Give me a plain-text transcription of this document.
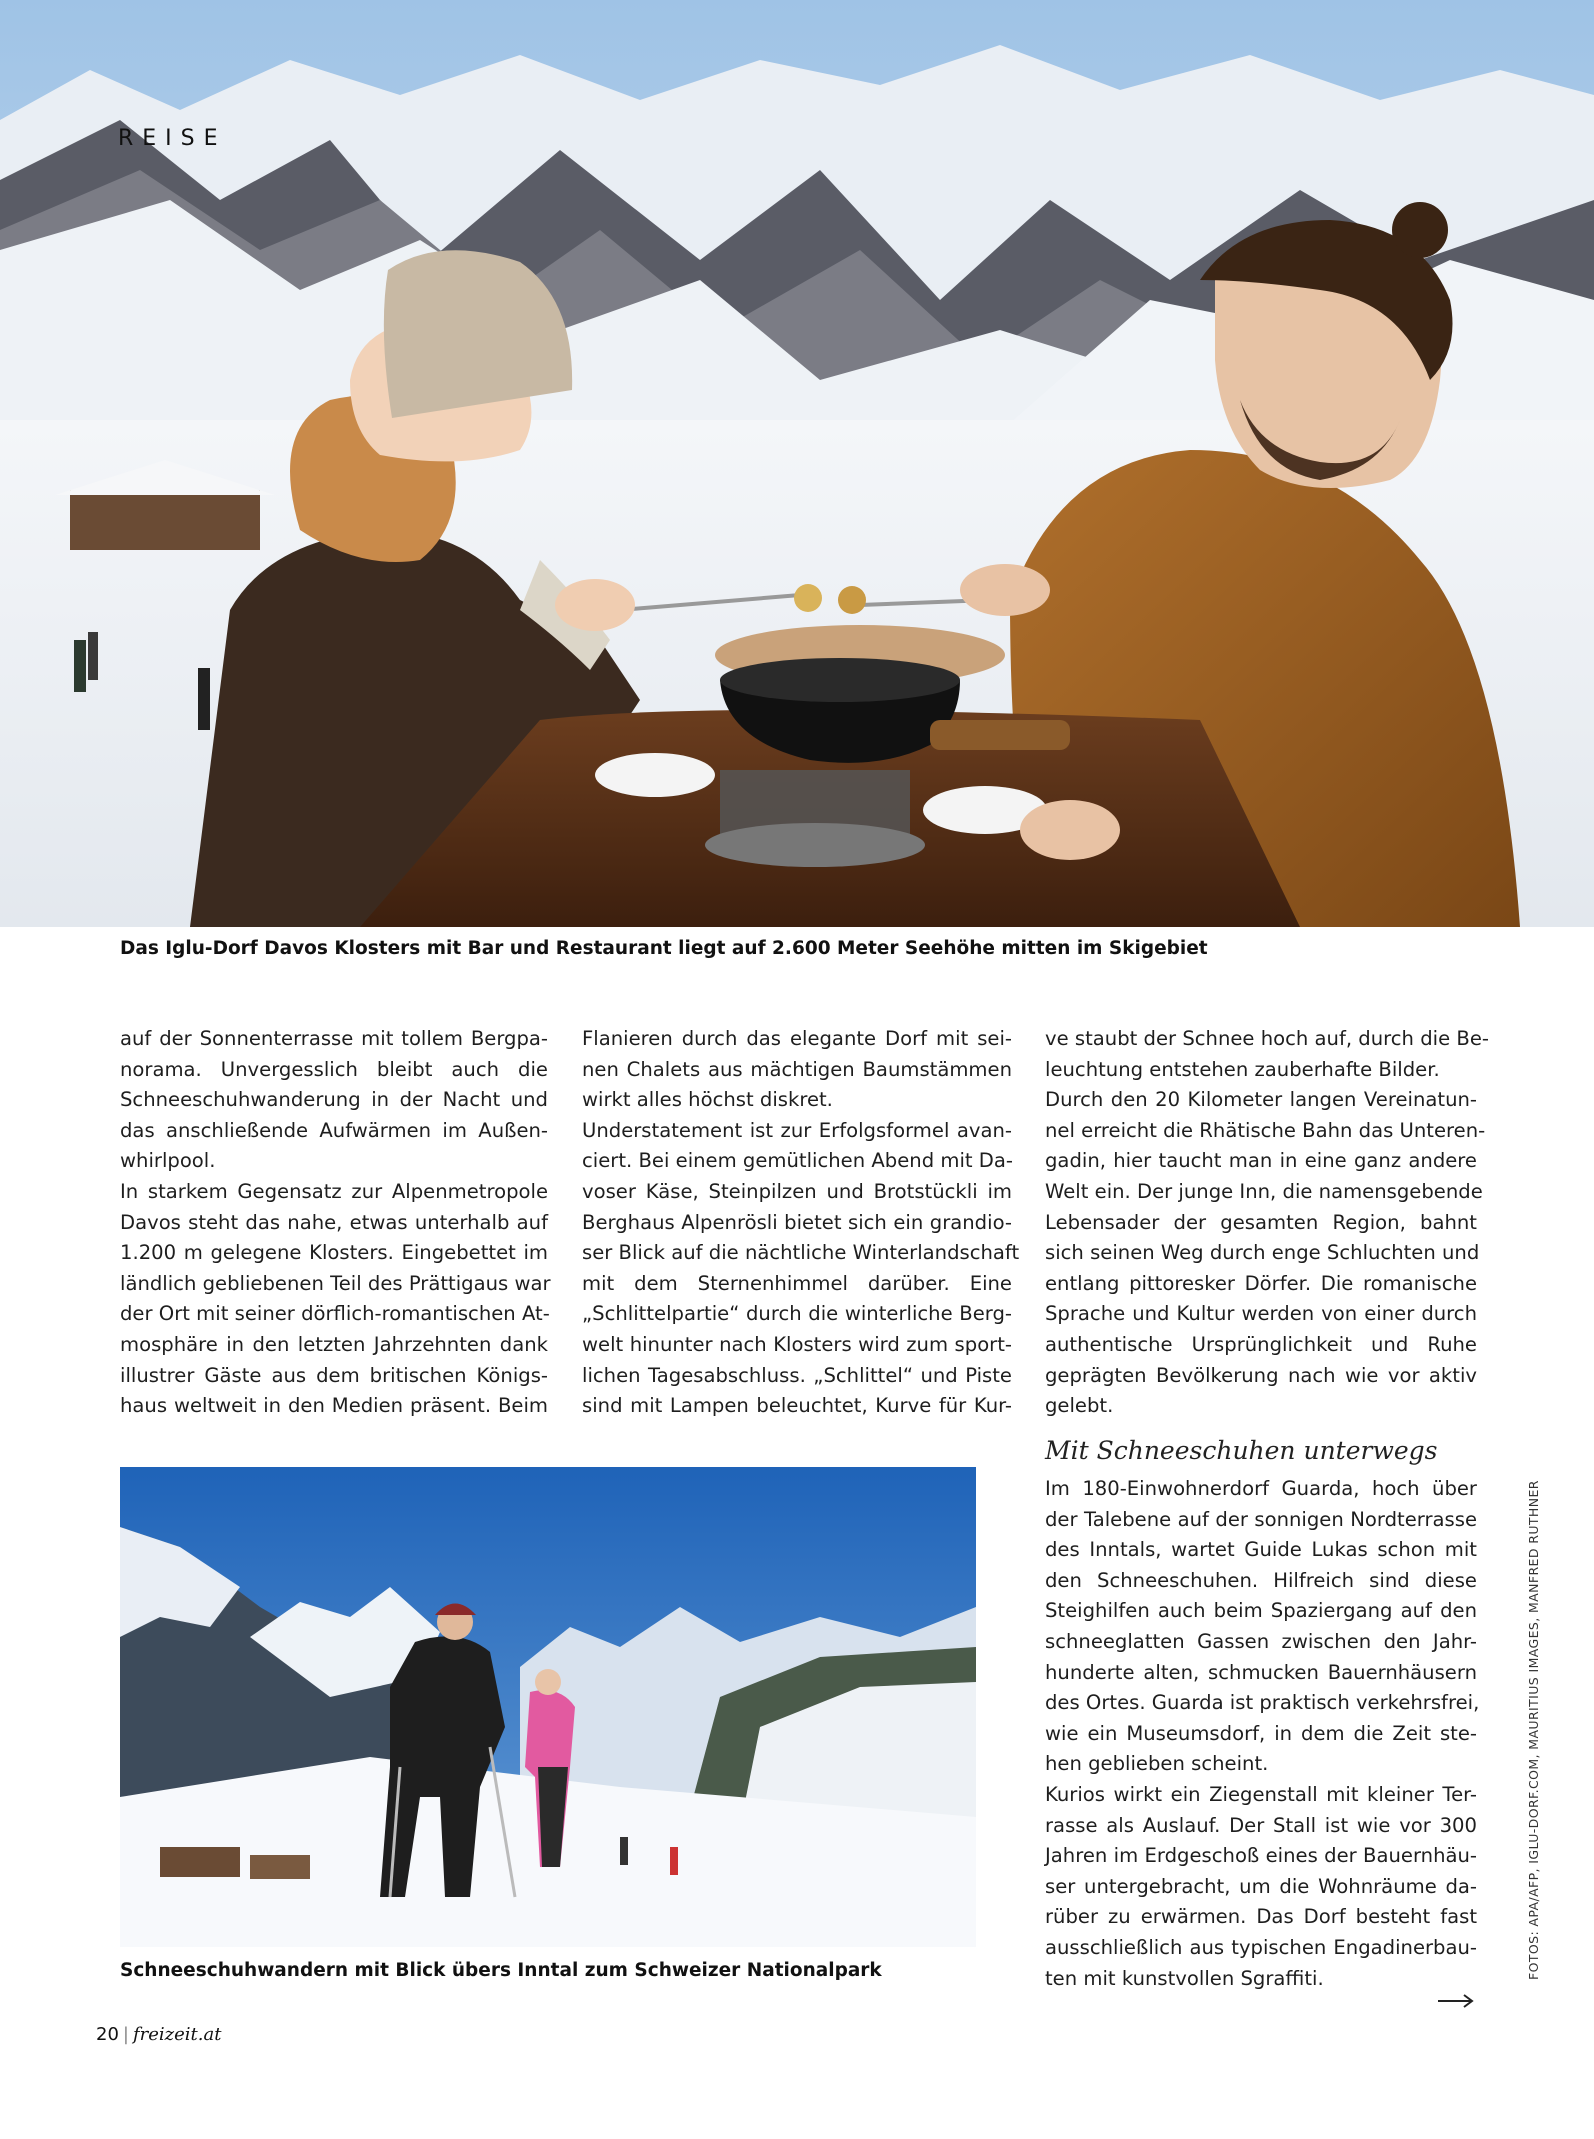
REISE
Das Iglu-Dorf Davos Klosters mit Bar und Restaurant liegt auf 2.600 Meter Seehöhe mitten im Skigebiet
auf der Sonnenterrasse mit tollem Bergpa-
norama. Unvergesslich bleibt auch die
Schneeschuhwanderung in der Nacht und
das anschließende Aufwärmen im Außen-
whirlpool.
In starkem Gegensatz zur Alpenmetropole
Davos steht das nahe, etwas unterhalb auf
1.200 m gelegene Klosters. Eingebettet im
ländlich gebliebenen Teil des Prättigaus war
der Ort mit seiner dörflich-romantischen At-
mosphäre in den letzten Jahrzehnten dank
illustrer Gäste aus dem britischen Königs-
haus weltweit in den Medien präsent. Beim
Flanieren durch das elegante Dorf mit sei-
nen Chalets aus mächtigen Baumstämmen
wirkt alles höchst diskret.
Understatement ist zur Erfolgsformel avan-
ciert. Bei einem gemütlichen Abend mit Da-
voser Käse, Steinpilzen und Brotstückli im
Berghaus Alpenrösli bietet sich ein grandio-
ser Blick auf die nächtliche Winterlandschaft
mit dem Sternenhimmel darüber. Eine
„Schlittelpartie“ durch die winterliche Berg-
welt hinunter nach Klosters wird zum sport-
lichen Tagesabschluss. „Schlittel“ und Piste
sind mit Lampen beleuchtet, Kurve für Kur-
ve staubt der Schnee hoch auf, durch die Be-
leuchtung entstehen zauberhafte Bilder.
Durch den 20 Kilometer langen Vereinatun-
nel erreicht die Rhätische Bahn das Unteren-
gadin, hier taucht man in eine ganz andere
Welt ein. Der junge Inn, die namensgebende
Lebensader der gesamten Region, bahnt
sich seinen Weg durch enge Schluchten und
entlang pittoresker Dörfer. Die romanische
Sprache und Kultur werden von einer durch
authentische Ursprünglichkeit und Ruhe
geprägten Bevölkerung nach wie vor aktiv
gelebt.
Mit Schneeschuhen unterwegs
Im 180-Einwohnerdorf Guarda, hoch über
der Talebene auf der sonnigen Nordterrasse
des Inntals, wartet Guide Lukas schon mit
den Schneeschuhen. Hilfreich sind diese
Steighilfen auch beim Spaziergang auf den
schneeglatten Gassen zwischen den Jahr-
hunderte alten, schmucken Bauernhäusern
des Ortes. Guarda ist praktisch verkehrsfrei,
wie ein Museumsdorf, in dem die Zeit ste-
hen geblieben scheint.
Kurios wirkt ein Ziegenstall mit kleiner Ter-
rasse als Auslauf. Der Stall ist wie vor 300
Jahren im Erdgeschoß eines der Bauernhäu-
ser untergebracht, um die Wohnräume da-
rüber zu erwärmen. Das Dorf besteht fast
ausschließlich aus typischen Engadinerbau-
ten mit kunstvollen Sgraffiti.
Schneeschuhwandern mit Blick übers Inntal zum Schweizer Nationalpark	FOTOS: APA/AFP, IGLU-DORF.COM, MAURITIUS IMAGES, MANFRED RUTHNER
20 | freizeit.at
